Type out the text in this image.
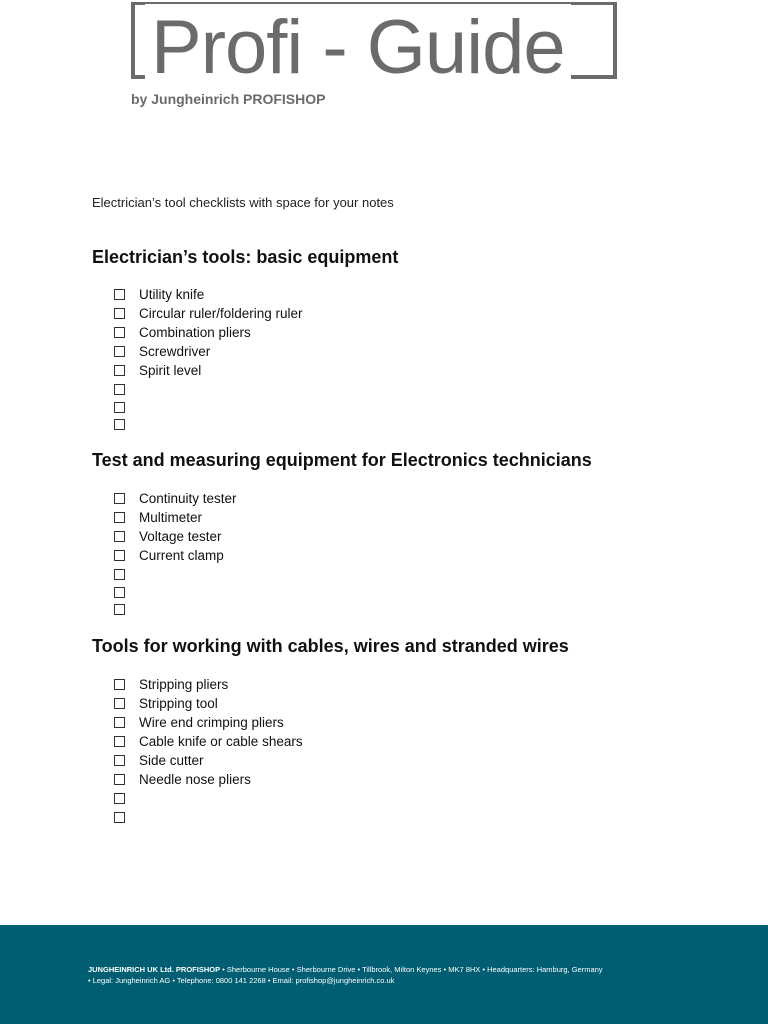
Profi - Guide
by Jungheinrich PROFISHOP
Electrician’s tool checklists with space for your notes
Electrician’s tools: basic equipment
Utility knife
Circular ruler/foldering ruler
Combination pliers
Screwdriver
Spirit level
Test and measuring equipment for Electronics technicians
Continuity tester
Multimeter
Voltage tester
Current clamp
Tools for working with cables, wires and stranded wires
Stripping pliers
Stripping tool
Wire end crimping pliers
Cable knife or cable shears
Side cutter
Needle nose pliers
JUNGHEINRICH UK Ltd. PROFISHOP • Sherbourne House • Sherbourne Drive • Tillbrook, Milton Keynes • MK7 8HX • Headquarters: Hamburg, Germany
• Legal: Jungheinrich AG • Telephone: 0800 141 2268 • Email: profishop@jungheinrich.co.uk
